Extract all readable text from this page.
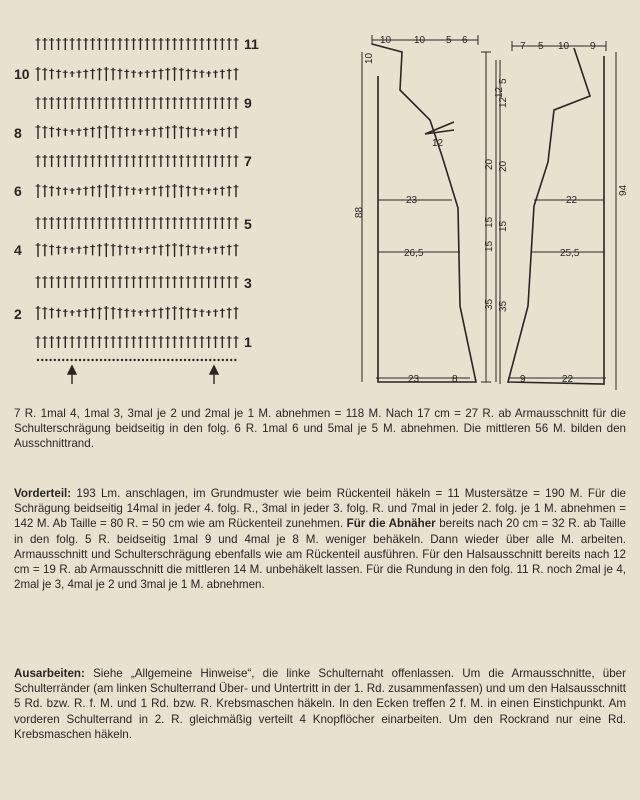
11
10
9
8
7
6
5
4
3
2
1
10 10 5 6
88
10
12
23
26,5
20
15
15
35
12
23	8
7 5 10 9
5
12
20
15
35
22
25,5
94
9	22
7 R. 1mal 4, 1mal 3, 3mal je 2 und 2mal je 1 M. abnehmen = 118 M. Nach 17 cm = 27 R. ab Armausschnitt für die Schulterschrägung beidseitig in den folg. 6 R. 1mal 6 und 5mal je 5 M. abnehmen. Die mittleren 56 M. bilden den Ausschnittrand.
Vorderteil: 193 Lm. anschlagen, im Grundmuster wie beim Rückenteil häkeln = 11 Mustersätze = 190 M. Für die Schrägung beidseitig 14mal in jeder 4. folg. R., 3mal in jeder 3. folg. R. und 7mal in jeder 2. folg. je 1 M. abnehmen = 142 M. Ab Taille = 80 R. = 50 cm wie am Rückenteil zunehmen. Für die Abnäher bereits nach 20 cm = 32 R. ab Taille in den folg. 5 R. beidseitig 1mal 9 und 4mal je 8 M. weniger behäkeln. Dann wieder über alle M. arbeiten. Armausschnitt und Schulterschrägung ebenfalls wie am Rückenteil ausführen. Für den Halsausschnitt bereits nach 12 cm = 19 R. ab Armausschnitt die mittleren 14 M. unbehäkelt lassen. Für die Rundung in den folg. 11 R. noch 2mal je 4, 2mal je 3, 4mal je 2 und 3mal je 1 M. abnehmen.
Ausarbeiten: Siehe „Allgemeine Hinweise“, die linke Schulternaht offenlassen. Um die Armausschnitte, über Schulterränder (am linken Schulterrand Über- und Untertritt in der 1. Rd. zusammenfassen) und um den Halsausschnitt 5 Rd. bzw. R. f. M. und 1 Rd. bzw. R. Krebsmaschen häkeln. In den Ecken treffen 2 f. M. in einen Einstichpunkt. Am vorderen Schulterrand in 2. R. gleichmäßig verteilt 4 Knopflöcher einarbeiten. Um den Rockrand nur eine Rd. Krebsmaschen häkeln.
